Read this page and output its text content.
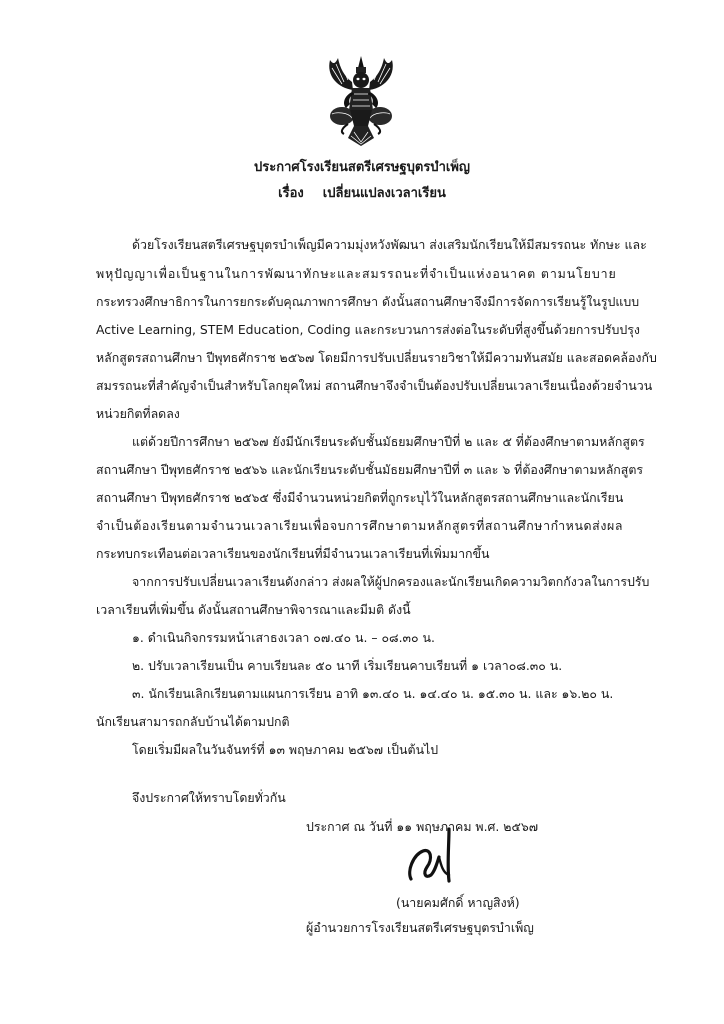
ประกาศโรงเรียนสตรีเศรษฐบุตรบำเพ็ญ
เรื่อง เปลี่ยนแปลงเวลาเรียน
ด้วยโรงเรียนสตรีเศรษฐบุตรบำเพ็ญมีความมุ่งหวังพัฒนา ส่งเสริมนักเรียนให้มีสมรรถนะ ทักษะ และ
พหุปัญญาเพื่อเป็นฐานในการพัฒนาทักษะและสมรรถนะที่จำเป็นแห่งอนาคต ตามนโยบาย
กระทรวงศึกษาธิการในการยกระดับคุณภาพการศึกษา ดังนั้นสถานศึกษาจึงมีการจัดการเรียนรู้ในรูปแบบ
Active Learning, STEM Education, Coding และกระบวนการส่งต่อในระดับที่สูงขึ้นด้วยการปรับปรุง
หลักสูตรสถานศึกษา ปีพุทธศักราช ๒๕๖๗ โดยมีการปรับเปลี่ยนรายวิชาให้มีความทันสมัย และสอดคล้องกับ
สมรรถนะที่สำคัญจำเป็นสำหรับโลกยุคใหม่ สถานศึกษาจึงจำเป็นต้องปรับเปลี่ยนเวลาเรียนเนื่องด้วยจำนวน
หน่วยกิตที่ลดลง
แต่ด้วยปีการศึกษา ๒๕๖๗ ยังมีนักเรียนระดับชั้นมัธยมศึกษาปีที่ ๒ และ ๕ ที่ต้องศึกษาตามหลักสูตร
สถานศึกษา ปีพุทธศักราช ๒๕๖๖ และนักเรียนระดับชั้นมัธยมศึกษาปีที่ ๓ และ ๖ ที่ต้องศึกษาตามหลักสูตร
สถานศึกษา ปีพุทธศักราช ๒๕๖๕ ซึ่งมีจำนวนหน่วยกิตที่ถูกระบุไว้ในหลักสูตรสถานศึกษาและนักเรียน
จำเป็นต้องเรียนตามจำนวนเวลาเรียนเพื่อจบการศึกษาตามหลักสูตรที่สถานศึกษากำหนดส่งผล
กระทบกระเทือนต่อเวลาเรียนของนักเรียนที่มีจำนวนเวลาเรียนที่เพิ่มมากขึ้น
จากการปรับเปลี่ยนเวลาเรียนดังกล่าว ส่งผลให้ผู้ปกครองและนักเรียนเกิดความวิตกกังวลในการปรับ
เวลาเรียนที่เพิ่มขึ้น ดังนั้นสถานศึกษาพิจารณาและมีมติ ดังนี้
๑. ดำเนินกิจกรรมหน้าเสาธงเวลา ๐๗.๔๐ น. – ๐๘.๓๐ น.
๒. ปรับเวลาเรียนเป็น คาบเรียนละ ๕๐ นาที เริ่มเรียนคาบเรียนที่ ๑ เวลา๐๘.๓๐ น.
๓. นักเรียนเลิกเรียนตามแผนการเรียน อาทิ ๑๓.๔๐ น. ๑๔.๔๐ น. ๑๕.๓๐ น. และ ๑๖.๒๐ น.
นักเรียนสามารถกลับบ้านได้ตามปกติ
โดยเริ่มมีผลในวันจันทร์ที่ ๑๓ พฤษภาคม ๒๕๖๗ เป็นต้นไป
จึงประกาศให้ทราบโดยทั่วกัน
ประกาศ ณ วันที่ ๑๑ พฤษภาคม พ.ศ. ๒๕๖๗
(นายคมศักดิ์ หาญสิงห์)
ผู้อำนวยการโรงเรียนสตรีเศรษฐบุตรบำเพ็ญ
